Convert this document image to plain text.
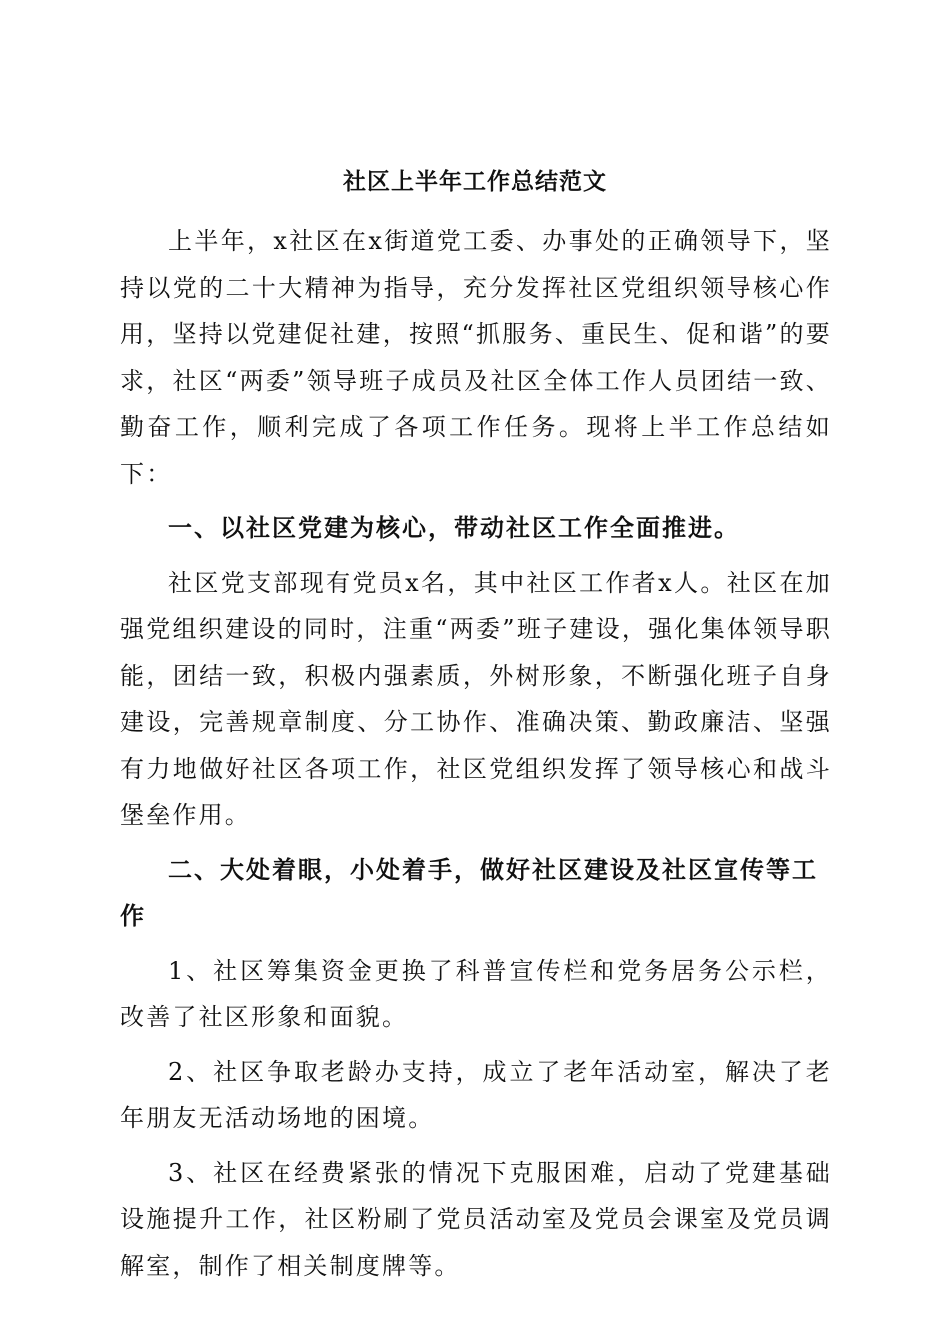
社区上半年工作总结范文

上半年，x社区在x街道党工委、办事处的正确领导下，坚持以党的二十大精神为指导，充分发挥社区党组织领导核心作用，坚持以党建促社建，按照“抓服务、重民生、促和谐”的要求，社区“两委”领导班子成员及社区全体工作人员团结一致、勤奋工作，顺利完成了各项工作任务。现将上半工作总结如下：

一、以社区党建为核心，带动社区工作全面推进。

社区党支部现有党员x名，其中社区工作者x人。社区在加强党组织建设的同时，注重“两委”班子建设，强化集体领导职能，团结一致，积极内强素质，外树形象，不断强化班子自身建设，完善规章制度、分工协作、准确决策、勤政廉洁、坚强有力地做好社区各项工作，社区党组织发挥了领导核心和战斗堡垒作用。

二、大处着眼，小处着手，做好社区建设及社区宣传等工作

1、社区筹集资金更换了科普宣传栏和党务居务公示栏，改善了社区形象和面貌。

2、社区争取老龄办支持，成立了老年活动室，解决了老年朋友无活动场地的困境。

3、社区在经费紧张的情况下克服困难，启动了党建基础设施提升工作，社区粉刷了党员活动室及党员会课室及党员调解室，制作了相关制度牌等。
